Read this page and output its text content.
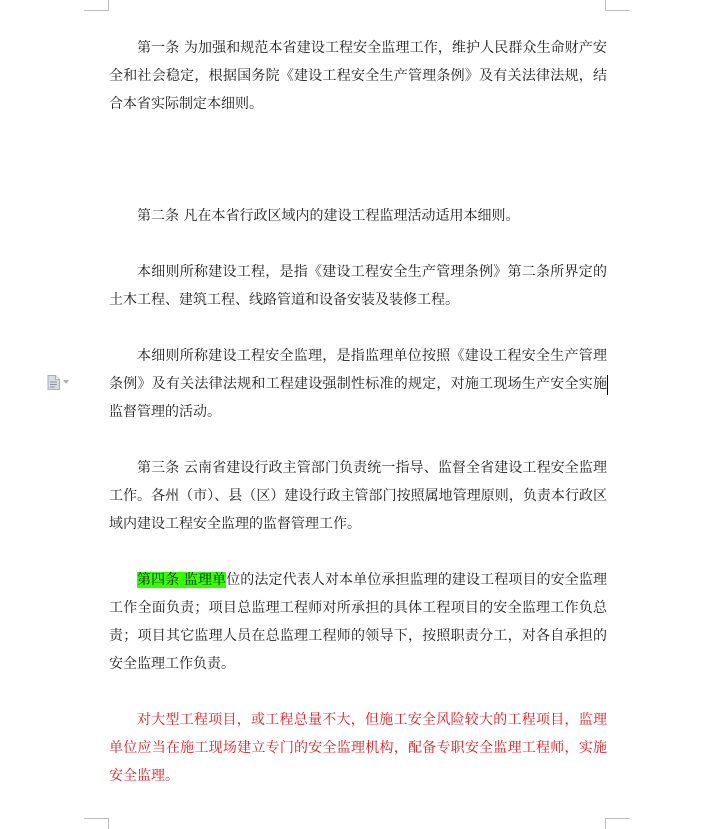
第一条 为加强和规范本省建设工程安全监理工作，维护人民群众生命财产安全和社会稳定，根据国务院《建设工程安全生产管理条例》及有关法律法规，结合本省实际制定本细则。

第二条 凡在本省行政区域内的建设工程监理活动适用本细则。

本细则所称建设工程，是指《建设工程安全生产管理条例》第二条所界定的土木工程、建筑工程、线路管道和设备安装及装修工程。

本细则所称建设工程安全监理，是指监理单位按照《建设工程安全生产管理条例》及有关法律法规和工程建设强制性标准的规定，对施工现场生产安全实施监督管理的活动。

第三条 云南省建设行政主管部门负责统一指导、监督全省建设工程安全监理工作。各州（市）、县（区）建设行政主管部门按照属地管理原则，负责本行政区域内建设工程安全监理的监督管理工作。

第四条 监理单位的法定代表人对本单位承担监理的建设工程项目的安全监理工作全面负责；项目总监理工程师对所承担的具体工程项目的安全监理工作负总责；项目其它监理人员在总监理工程师的领导下，按照职责分工，对各自承担的安全监理工作负责。

对大型工程项目，或工程总量不大，但施工安全风险较大的工程项目，监理单位应当在施工现场建立专门的安全监理机构，配备专职安全监理工程师，实施安全监理。
